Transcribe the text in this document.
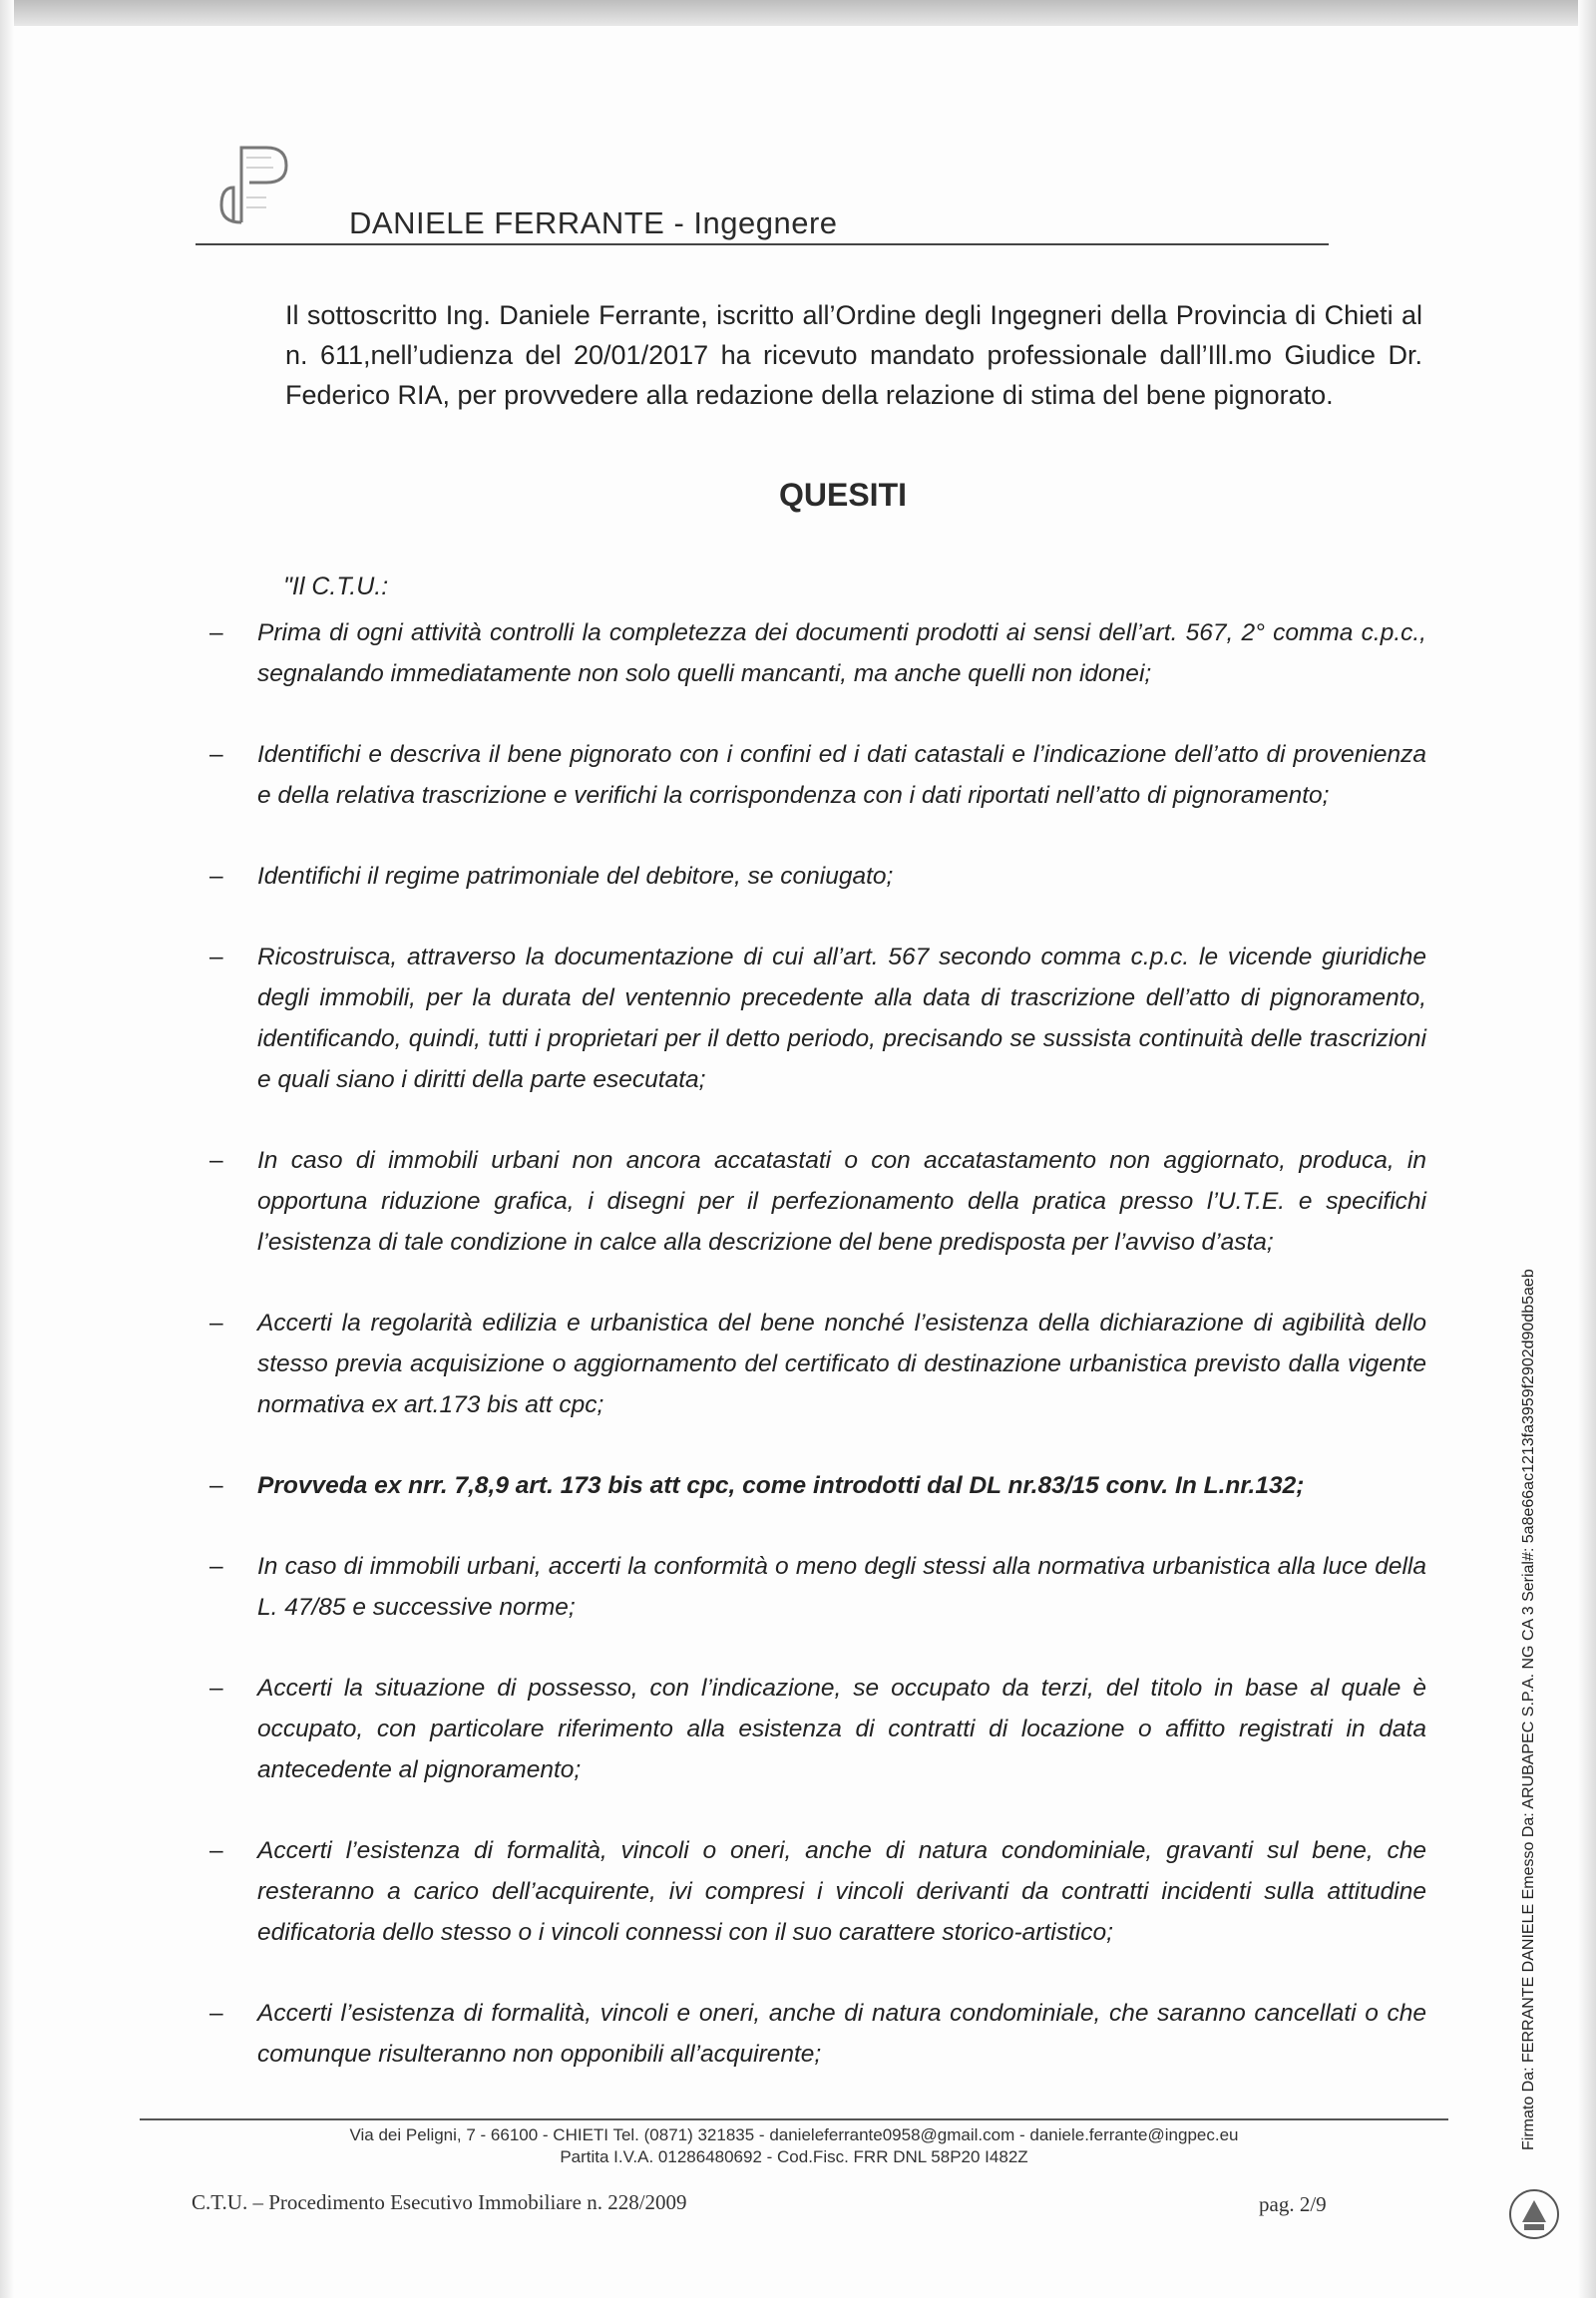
DANIELE FERRANTE - Ingegnere
Il sottoscritto Ing. Daniele Ferrante, iscritto all’Ordine degli Ingegneri della Provincia di Chieti al n. 611,nell’udienza del 20/01/2017 ha ricevuto mandato professionale dall’Ill.mo Giudice Dr. Federico RIA, per provvedere alla redazione della relazione di stima del bene pignorato.
QUESITI
"Il C.T.U.:
– Prima di ogni attività controlli la completezza dei documenti prodotti ai sensi dell’art. 567, 2° comma c.p.c., segnalando immediatamente non solo quelli mancanti, ma anche quelli non idonei;
– Identifichi e descriva il bene pignorato con i confini ed i dati catastali e l’indicazione dell’atto di provenienza e della relativa trascrizione e verifichi la corrispondenza con i dati riportati nell’atto di pignoramento;
– Identifichi il regime patrimoniale del debitore, se coniugato;
– Ricostruisca, attraverso la documentazione di cui all’art. 567 secondo comma c.p.c. le vicende giuridiche degli immobili, per la durata del ventennio precedente alla data di trascrizione dell’atto di pignoramento, identificando, quindi, tutti i proprietari per il detto periodo, precisando se sussista continuità delle trascrizioni e quali siano i diritti della parte esecutata;
– In caso di immobili urbani non ancora accatastati o con accatastamento non aggiornato, produca, in opportuna riduzione grafica, i disegni per il perfezionamento della pratica presso l’U.T.E. e specifichi l’esistenza di tale condizione in calce alla descrizione del bene predisposta per l’avviso d’asta;
– Accerti la regolarità edilizia e urbanistica del bene nonché l’esistenza della dichiarazione di agibilità dello stesso previa acquisizione o aggiornamento del certificato di destinazione urbanistica previsto dalla vigente normativa ex art.173 bis att cpc;
– Provveda ex nrr. 7,8,9 art. 173 bis att cpc, come introdotti dal DL nr.83/15 conv. In L.nr.132;
– In caso di immobili urbani, accerti la conformità o meno degli stessi alla normativa urbanistica alla luce della L. 47/85 e successive norme;
– Accerti la situazione di possesso, con l’indicazione, se occupato da terzi, del titolo in base al quale è occupato, con particolare riferimento alla esistenza di contratti di locazione o affitto registrati in data antecedente al pignoramento;
– Accerti l’esistenza di formalità, vincoli o oneri, anche di natura condominiale, gravanti sul bene, che resteranno a carico dell’acquirente, ivi compresi i vincoli derivanti da contratti incidenti sulla attitudine edificatoria dello stesso o i vincoli connessi con il suo carattere storico-artistico;
– Accerti l’esistenza di formalità, vincoli e oneri, anche di natura condominiale, che saranno cancellati o che comunque risulteranno non opponibili all’acquirente;
Via dei Peligni, 7 - 66100 - CHIETI Tel. (0871) 321835 - danieleferrante0958@gmail.com - daniele.ferrante@ingpec.eu
Partita I.V.A. 01286480692 - Cod.Fisc. FRR DNL 58P20 I482Z
C.T.U. – Procedimento Esecutivo Immobiliare n. 228/2009	pag. 2/9
Firmato Da: FERRANTE DANIELE Emesso Da: ARUBAPEC S.P.A. NG CA 3 Serial#: 5a8e66ac1213fa3959f2902d90db5aeb
